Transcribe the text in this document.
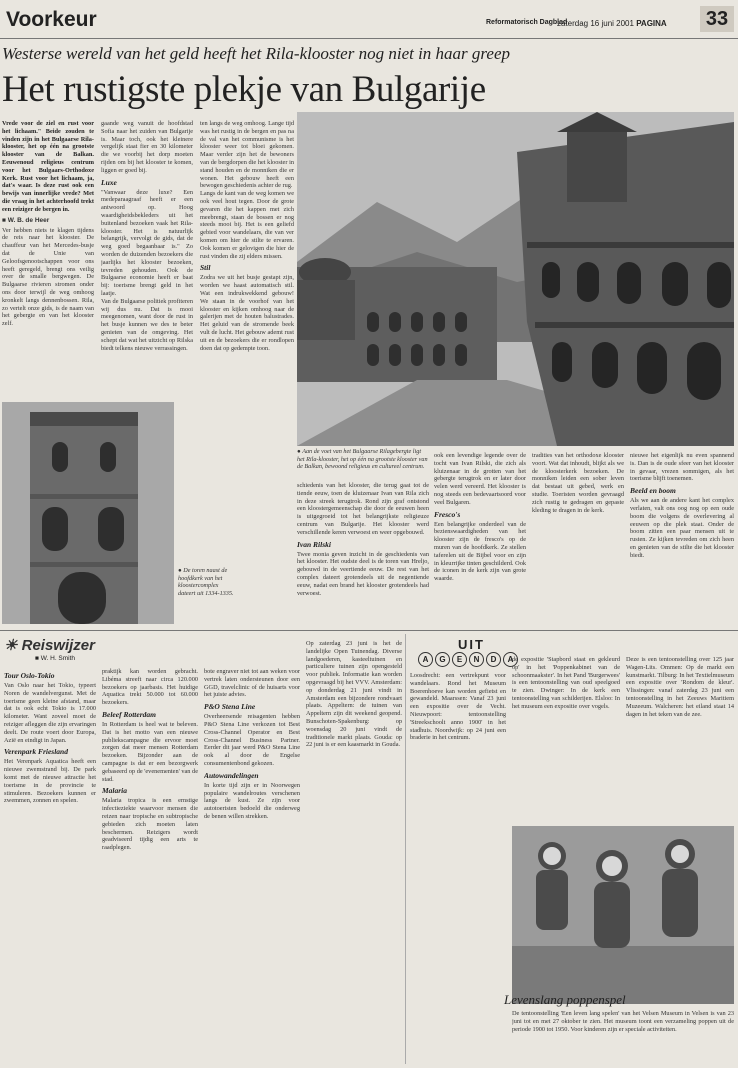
Voorkeur	Reformatorisch Dagblad
zaterdag 16 juni 2001 PAGINA 33
Westerse wereld van het geld heeft het Rila-klooster nog niet in haar greep
Het rustigste plekje van Bulgarije
Vrede voor de ziel en rust voor het lichaam." Beide zouden te vinden zijn in het Bulgaarse Rila-klooster, het op één na grootste klooster van de Balkan. Eeuwenoud religieus centrum voor het Bulgaars-Orthodoxe Kerk. Rust voor het lichaam, ja, dat's waar. Is deze rust ook een bewijs van innerlijke vrede? Met die vraag in het achterhoofd trekt een reiziger de bergen in.
■ W. B. de Heer
Ver hebben niets te klagen tijdens de reis naar het klooster. De chauffeur van het Mercedes-busje dat de Unie van Geloofsgenootschappen voor ons heeft geregeld, brengt ons veilig over de smalle bergwegen. De Bulgaarse rivieren stromen onder ons door terwijl de weg omhoog kronkelt langs dennenbossen. Rila, zo vertelt onze gids, is de naam van het gebergte en van het klooster zelf.
● De toren naast de hoofdkerk van het kloostercomplex dateert uit 1334-1335.
gaande weg vanuit de hoofdstad Sofia naar het zuiden van Bulgarije is. Maar toch, ook het kleinere vergelijk staat fier en 30 kilometer die we voorbij het dorp moeten rijden om bij het klooster te komen, liggen er goed bij.
Luxe
"Vanwaar deze luxe? Een medeparaagraaf heeft er een antwoord op. Hoog waardigheidsbekleders uit het buitenland bezoeken vaak het Rila-klooster. Het is natuurlijk belangrijk, vervolgt de gids, dat de weg goed begaanbaar is." Zo worden de duizenden bezoekers die jaarlijks het klooster bezoeken, tevreden gehouden. Ook de Bulgaarse economie heeft er baat bij: toerisme brengt geld in het laatje.
Van de Bulgaarse politiek profiteren wij dus nu. Dat is mooi meegenomen, want door de rust in het busje kunnen we des te beter genieten van de omgeving. Het schept dat wat het uitzicht op Rilska biedt telkens nieuwe verrassingen.
ten langs de weg omhoog. Lange tijd was het rustig in de bergen en pas na de val van het communisme is het klooster weer tot bloei gekomen. Maar verder zijn het de bewoners van de bergdorpen die het klooster in stand houden en de monniken die er wonen. Het gebouw heeft een bewogen geschiedenis achter de rug.
Langs de kant van de weg komen we ook veel hout tegen. Door de grote gevaren die het kappen met zich meebrengt, staan de bossen er nog steeds mooi bij. Het is een geliefd gebied voor wandelaars, die van ver komen om hier de stilte te ervaren. Ook komen er gelovigen die hier de rust vinden die zij elders missen.
Stil
Zodra we uit het busje gestapt zijn, worden we haast automatisch stil. Wat een indrukwekkend gebouw! We staan in de voorhof van het klooster en kijken omhoog naar de galerijen met de houten balustrades. Het geluid van de stromende beek vult de lucht. Het gebouw ademt rust uit en de bezoekers die er rondlopen doen dat op gedempte toon.
● Aan de voet van het Bulgaarse Rilagebergte ligt het Rila-klooster, het op één na grootste klooster van de Balkan, bewoond religieus en cultureel centrum.
schiedenis van het klooster, die terug gaat tot de tiende eeuw, toen de kluizenaar Ivan van Rila zich in deze streek terugtrok. Rond zijn graf ontstond een kloostergemeenschap die door de eeuwen heen is uitgegroeid tot het belangrijkste religieuze centrum van Bulgarije. Het klooster werd verschillende keren verwoest en weer opgebouwd.
Ivan Rilski
Twee monia geven inzicht in de geschiedenis van het klooster. Het oudste deel is de toren van Hreljo, gebouwd in de veertiende eeuw. De rest van het complex dateert grotendeels uit de negentiende eeuw, nadat een brand het klooster grotendeels had verwoest.
ook een levendige legende over de tocht van Ivan Rilski, die zich als kluizenaar in de grotten van het gebergte terugtrok en er later door velen werd vereerd. Het klooster is nog steeds een bedevaartsoord voor veel Bulgaren.
Fresco's
Een belangrijke onderdeel van de bezienswaardigheden van het klooster zijn de fresco's op de muren van de hoofdkerk. Ze stellen taferelen uit de Bijbel voor en zijn in kleurrijke tinten geschilderd. Ook de iconen in de kerk zijn van grote waarde.
tradities van het orthodoxe klooster voort. Wat dat inhoudt, blijkt als we de kloosterkerk bezoeken. De monniken leiden een sober leven dat bestaat uit gebed, werk en studie. Toeristen worden gevraagd zich rustig te gedragen en gepaste kleding te dragen in de kerk.
nieuwe het eigenlijk nu even spannend is. Dan is de oude sfeer van het klooster in gevaar, vrezen sommigen, als het toerisme blijft toenemen.
Beeld en boom
Als we aan de andere kant het complex verlaten, valt ons oog nog op een oude boom die volgens de overlevering al eeuwen op die plek staat. Onder de boom zitten een paar mensen uit te rusten. Ze kijken tevreden om zich heen en genieten van de stilte die het klooster biedt.
☀ Reiswijzer
■ W. H. Smith
Tour Oslo-Tokio
Van Oslo naar het Tokio, typeert Noren de wandelvergunst. Met de toerisme geen kleine afstand, maar dat is ook echt Tokio is 17.000 kilometer. Want zoveel moet de reiziger afleggen die zijn ervaringen deelt. De route voert door Europa, Azië en eindigt in Japan.
Verenpark Friesland
Het Verenpark Aquatica heeft een nieuwe zwemstrand bij. De park komt met de nieuwe attractie het toerisme in de provincie te stimuleren. Bezoekers kunnen er zwemmen, zonnen en spelen.
praktijk kan worden gebracht. Libéma streeft naar circa 120.000 bezoekers op jaarbasis. Het huidige Aquatica trekt 50.000 tot 60.000 bezoekers.
Beleef Rotterdam
In Rotterdam is heel wat te beleven. Dat is het motto van een nieuwe publiekscampagne die ervoor moet zorgen dat meer mensen Rotterdam bezoeken. Bijzonder aan de campagne is dat er een bezorgwerk gebaseerd op de 'evenementen' van de stad.
Malaria
Malaria tropica is een ernstige infectieziekte waarvoor mensen die reizen naar tropische en subtropische gebieden zich moeten laten beschermen. Reizigers wordt geadviseerd tijdig een arts te raadplegen.
bote engraver niet tot aan weken voor vertrek laten ondersteunen door een GGD, travelclinic of de huisarts voor het juiste advies.
P&O Stena Line
Overheersende reisagenten hebben P&O Stena Line verkozen tot Best Cross-Channel Operator en Best Cross-Channel Business Partner. Eerder dit jaar werd P&O Stena Line ook al door de Engelse consumentenbond gekozen.
Autowandelingen
In korte tijd zijn er in Noorwegen populaire wandelroutes verschenen langs de kust. Ze zijn voor autotoeristen bedoeld die onderweg de benen willen strekken.
Op zaterdag 23 juni is het de landelijke Open Tuinendag. Diverse landgoederen, kasteeltuinen en particuliere tuinen zijn opengesteld voor publiek. Informatie kan worden opgevraagd bij het VVV. Amsterdam: op donderdag 21 juni vindt in Amsterdam een bijzondere rondvaart plaats. Appeltern: de tuinen van Appeltern zijn dit weekend geopend. Bunschoten-Spakenburg: op woensdag 20 juni vindt de traditionele markt plaats. Gouda: op 22 juni is er een kaasmarkt in Gouda.
UIT
A G E N D A
Loosdrecht: een vertrekpunt voor wandelaars. Rond het Museum Boerenhoeve kan worden gefietst en gewandeld. Maarssen: Vanaf 23 juni een expositie over de Vecht. Nieuwpoort: tentoonstelling 'Streekschoolt anno 1900' in het stadhuis. Noordwijk: op 24 juni een braderie in het centrum.
de expositie 'Stapbord staat en gekleurd op' in het 'Poppenkabinet van de schoonmaakster'. In het Pand 'Burgerwees' is een tentoonstelling van oud speelgoed te zien. Dwinger: In de kerk een tentoonstelling van schilderijen. Elsloo: In het museum een expositie over vogels.
Deze is een tentoonstelling over 125 jaar Wagen-Lits. Ommen: Op de markt een kunstmarkt. Tilburg: In het Textielmuseum een expositie over 'Rondom de kleur'. Vlissingen: vanaf zaterdag 23 juni een tentoonstelling in het Zeeuws Maritiem Muzeeum. Walcheren: het eiland staat 14 dagen in het teken van de zee.
Levenslang poppenspel
De tentoonstelling 'Een leven lang spelen' van het Velsen Museum in Velsen is van 23 juni tot en met 27 oktober te zien. Het museum toont een verzameling poppen uit de periode 1900 tot 1950. Voor kinderen zijn er speciale activiteiten.
